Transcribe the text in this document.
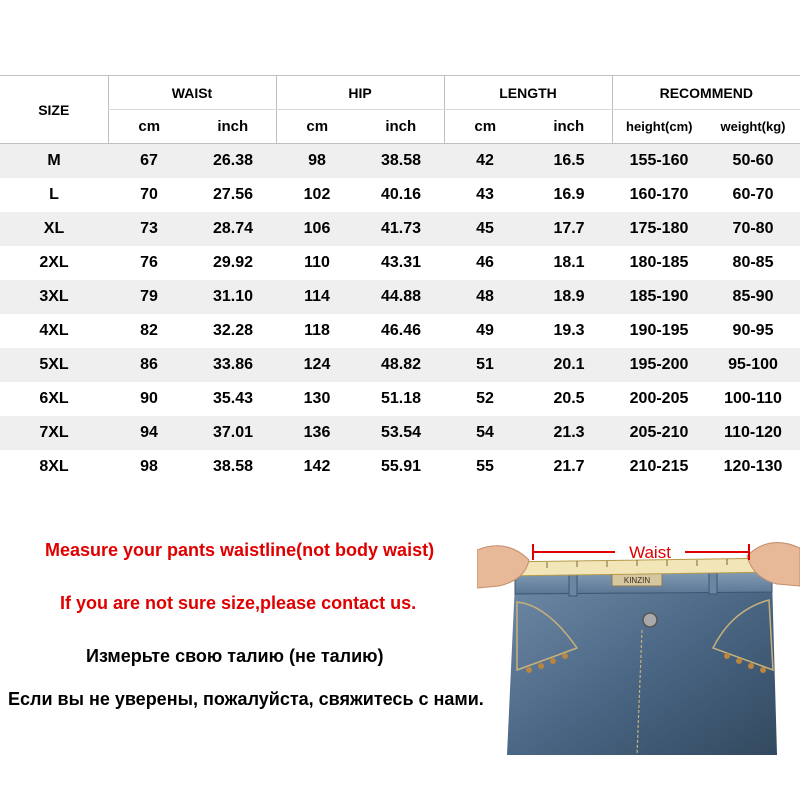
SIZE	WAISt		HIP		LENGTH		RECOMMEND	
	cm	inch	cm	inch	cm	inch	height(cm)	weight(kg)
M	67	26.38	98	38.58	42	16.5	155-160	50-60
L	70	27.56	102	40.16	43	16.9	160-170	60-70
XL	73	28.74	106	41.73	45	17.7	175-180	70-80
2XL	76	29.92	110	43.31	46	18.1	180-185	80-85
3XL	79	31.10	114	44.88	48	18.9	185-190	85-90
4XL	82	32.28	118	46.46	49	19.3	190-195	90-95
5XL	86	33.86	124	48.82	51	20.1	195-200	95-100
6XL	90	35.43	130	51.18	52	20.5	200-205	100-110
7XL	94	37.01	136	53.54	54	21.3	205-210	110-120
8XL	98	38.58	142	55.91	55	21.7	210-215	120-130
Measure your pants waistline(not body waist)
If you are not sure size,please contact us.
Измерьте свою талию (не талию)
Если вы не уверены, пожалуйста, свяжитесь с нами.
KINZIN
Waist
